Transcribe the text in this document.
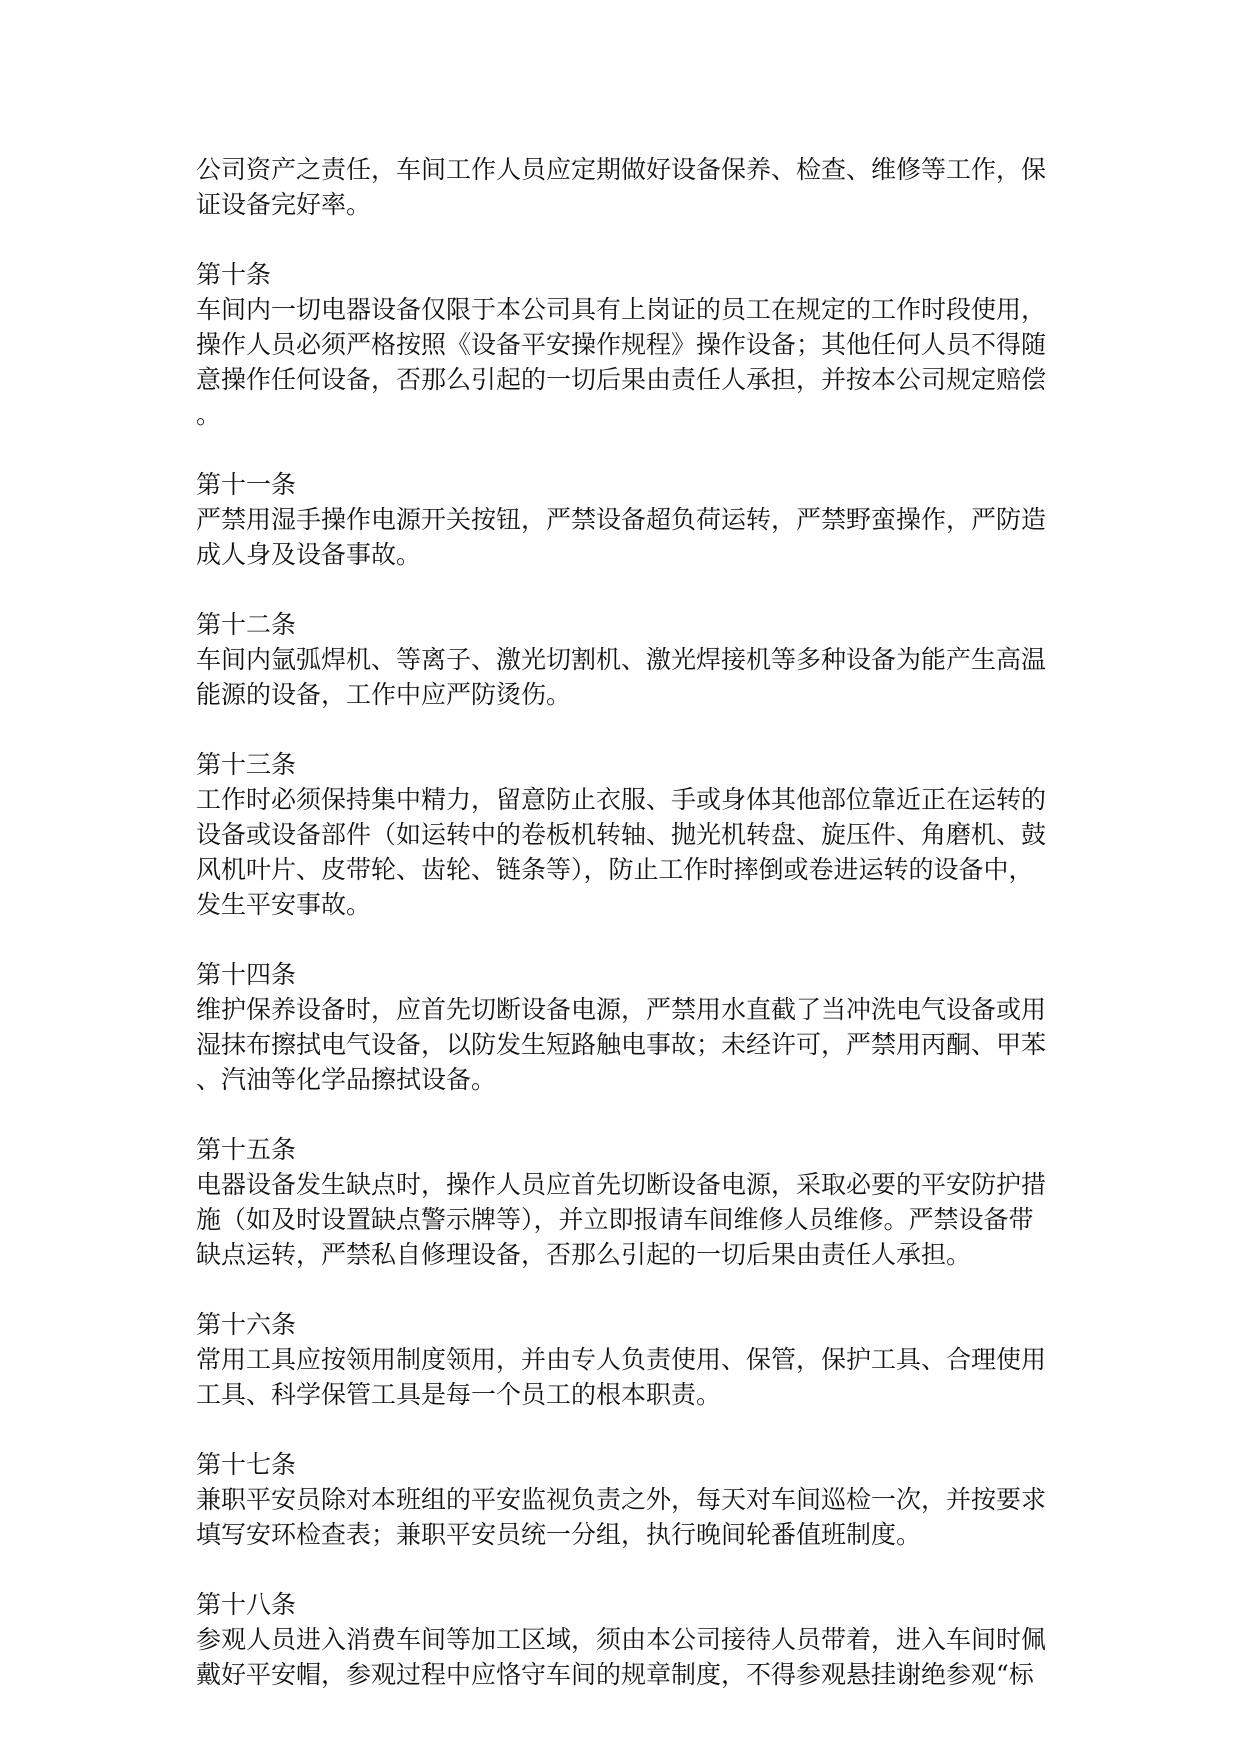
公司资产之责任，车间工作人员应定期做好设备保养、检查、维修等工作，保
证设备完好率。

第十条

车间内一切电器设备仅限于本公司具有上岗证的员工在规定的工作时段使用，
操作人员必须严格按照《设备平安操作规程》操作设备；其他任何人员不得随
意操作任何设备，否那么引起的一切后果由责任人承担，并按本公司规定赔偿
。

第十一条

严禁用湿手操作电源开关按钮，严禁设备超负荷运转，严禁野蛮操作，严防造
成人身及设备事故。

第十二条

车间内氩弧焊机、等离子、激光切割机、激光焊接机等多种设备为能产生高温
能源的设备，工作中应严防烫伤。

第十三条

工作时必须保持集中精力，留意防止衣服、手或身体其他部位靠近正在运转的
设备或设备部件（如运转中的卷板机转轴、抛光机转盘、旋压件、角磨机、鼓
风机叶片、皮带轮、齿轮、链条等），防止工作时摔倒或卷进运转的设备中，
发生平安事故。

第十四条

维护保养设备时，应首先切断设备电源，严禁用水直截了当冲洗电气设备或用
湿抹布擦拭电气设备，以防发生短路触电事故；未经许可，严禁用丙酮、甲苯
、汽油等化学品擦拭设备。

第十五条

电器设备发生缺点时，操作人员应首先切断设备电源，采取必要的平安防护措
施（如及时设置缺点警示牌等），并立即报请车间维修人员维修。严禁设备带
缺点运转，严禁私自修理设备，否那么引起的一切后果由责任人承担。

第十六条

常用工具应按领用制度领用，并由专人负责使用、保管，保护工具、合理使用
工具、科学保管工具是每一个员工的根本职责。

第十七条

兼职平安员除对本班组的平安监视负责之外，每天对车间巡检一次，并按要求
填写安环检查表；兼职平安员统一分组，执行晚间轮番值班制度。

第十八条

参观人员进入消费车间等加工区域，须由本公司接待人员带着，进入车间时佩
戴好平安帽，参观过程中应恪守车间的规章制度，不得参观悬挂谢绝参观“标
